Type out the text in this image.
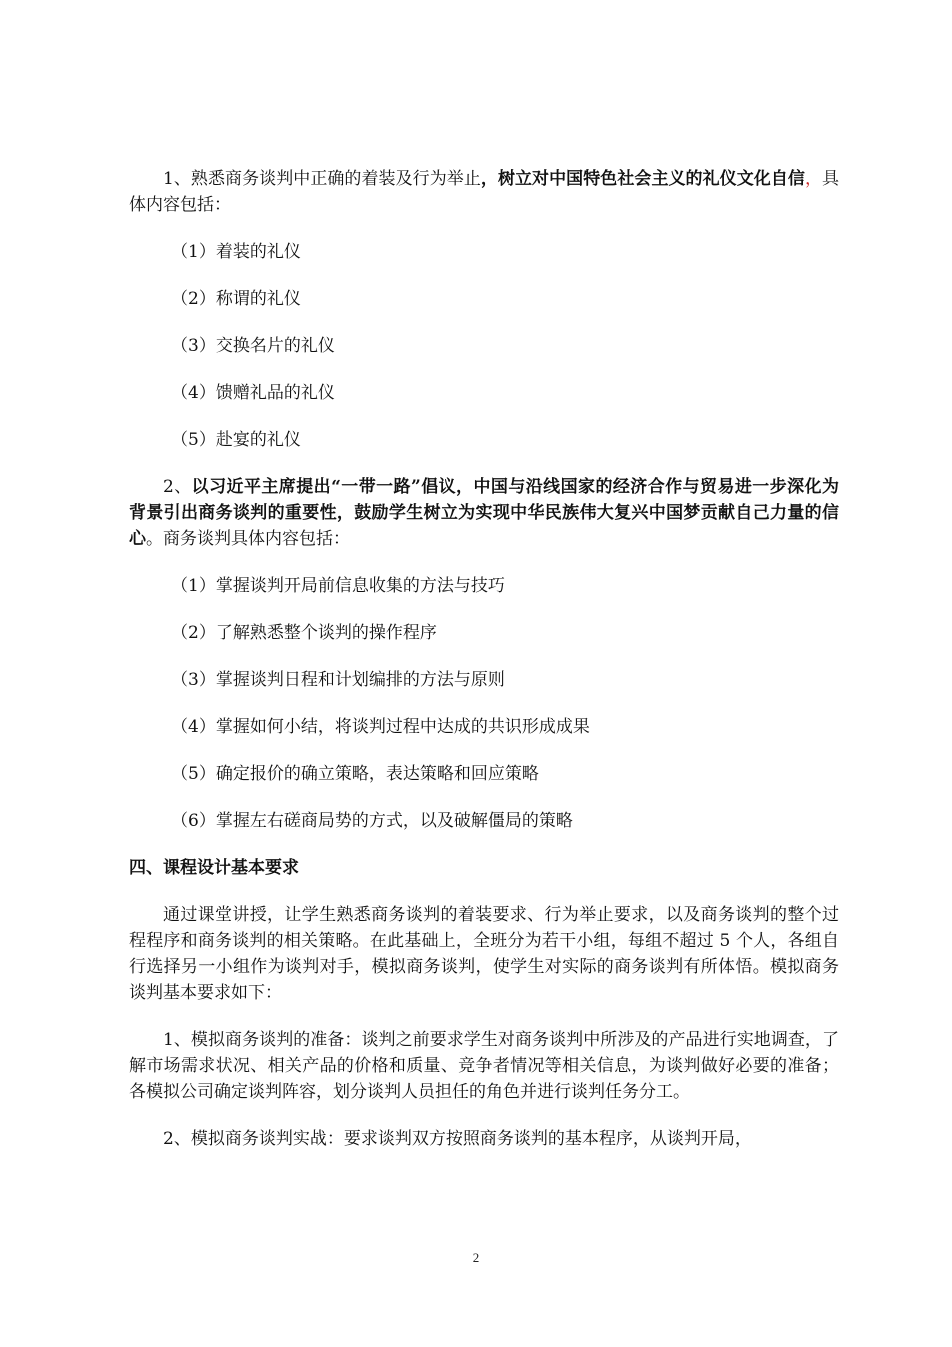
1、熟悉商务谈判中正确的着装及行为举止，树立对中国特色社会主义的礼仪文化自信，具体内容包括：

（1）着装的礼仪

（2）称谓的礼仪

（3）交换名片的礼仪

（4）馈赠礼品的礼仪

（5）赴宴的礼仪

2、以习近平主席提出“一带一路”倡议，中国与沿线国家的经济合作与贸易进一步深化为背景引出商务谈判的重要性，鼓励学生树立为实现中华民族伟大复兴中国梦贡献自己力量的信心。商务谈判具体内容包括：

（1）掌握谈判开局前信息收集的方法与技巧

（2）了解熟悉整个谈判的操作程序

（3）掌握谈判日程和计划编排的方法与原则

（4）掌握如何小结，将谈判过程中达成的共识形成成果

（5）确定报价的确立策略，表达策略和回应策略

（6）掌握左右磋商局势的方式，以及破解僵局的策略

四、课程设计基本要求

通过课堂讲授，让学生熟悉商务谈判的着装要求、行为举止要求，以及商务谈判的整个过程程序和商务谈判的相关策略。在此基础上，全班分为若干小组，每组不超过 5 个人，各组自行选择另一小组作为谈判对手，模拟商务谈判，使学生对实际的商务谈判有所体悟。模拟商务谈判基本要求如下：

1、模拟商务谈判的准备：谈判之前要求学生对商务谈判中所涉及的产品进行实地调查，了解市场需求状况、相关产品的价格和质量、竞争者情况等相关信息，为谈判做好必要的准备；各模拟公司确定谈判阵容，划分谈判人员担任的角色并进行谈判任务分工。

2、模拟商务谈判实战：要求谈判双方按照商务谈判的基本程序，从谈判开局，

2
